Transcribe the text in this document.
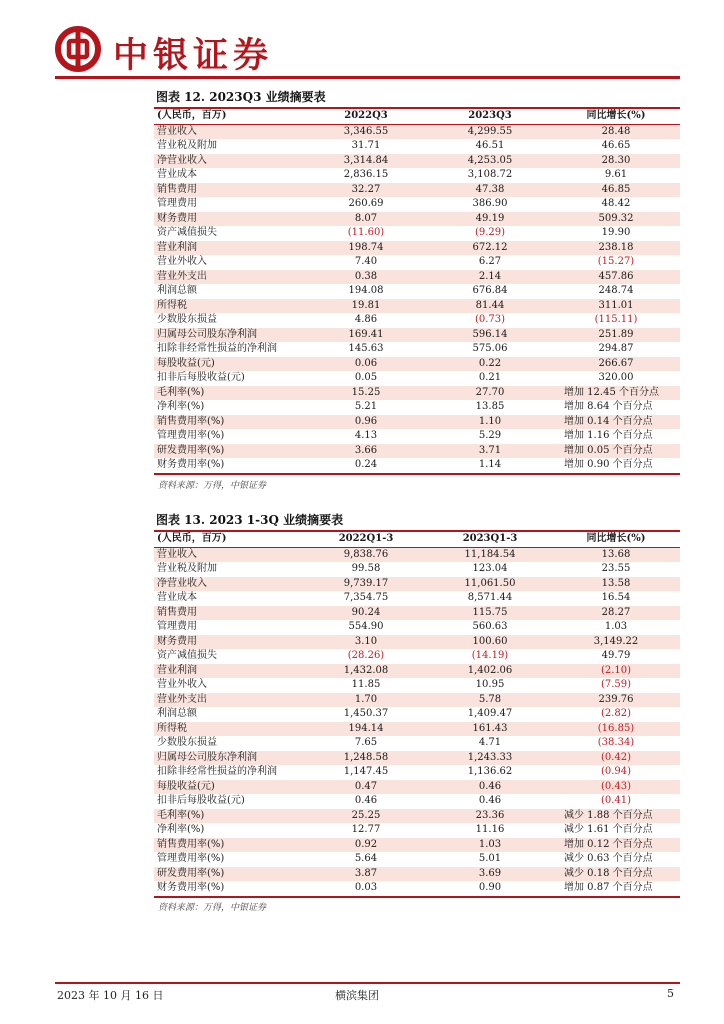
中银证券
图表 12. 2023Q3 业绩摘要表
(人民币，百万)	2022Q3	2023Q3	同比增长(%)
营业收入	3,346.55	4,299.55	28.48
营业税及附加	31.71	46.51	46.65
净营业收入	3,314.84	4,253.05	28.30
营业成本	2,836.15	3,108.72	9.61
销售费用	32.27	47.38	46.85
管理费用	260.69	386.90	48.42
财务费用	8.07	49.19	509.32
资产减值损失	(11.60)	(9.29)	19.90
营业利润	198.74	672.12	238.18
营业外收入	7.40	6.27	(15.27)
营业外支出	0.38	2.14	457.86
利润总额	194.08	676.84	248.74
所得税	19.81	81.44	311.01
少数股东损益	4.86	(0.73)	(115.11)
归属母公司股东净利润	169.41	596.14	251.89
扣除非经常性损益的净利润	145.63	575.06	294.87
每股收益(元)	0.06	0.22	266.67
扣非后每股收益(元)	0.05	0.21	320.00
毛利率(%)	15.25	27.70	增加 12.45 个百分点
净利率(%)	5.21	13.85	增加 8.64 个百分点
销售费用率(%)	0.96	1.10	增加 0.14 个百分点
管理费用率(%)	4.13	5.29	增加 1.16 个百分点
研发费用率(%)	3.66	3.71	增加 0.05 个百分点
财务费用率(%)	0.24	1.14	增加 0.90 个百分点
资料来源：万得，中银证券
图表 13. 2023 1-3Q 业绩摘要表
(人民币，百万)	2022Q1-3	2023Q1-3	同比增长(%)
营业收入	9,838.76	11,184.54	13.68
营业税及附加	99.58	123.04	23.55
净营业收入	9,739.17	11,061.50	13.58
营业成本	7,354.75	8,571.44	16.54
销售费用	90.24	115.75	28.27
管理费用	554.90	560.63	1.03
财务费用	3.10	100.60	3,149.22
资产减值损失	(28.26)	(14.19)	49.79
营业利润	1,432.08	1,402.06	(2.10)
营业外收入	11.85	10.95	(7.59)
营业外支出	1.70	5.78	239.76
利润总额	1,450.37	1,409.47	(2.82)
所得税	194.14	161.43	(16.85)
少数股东损益	7.65	4.71	(38.34)
归属母公司股东净利润	1,248.58	1,243.33	(0.42)
扣除非经常性损益的净利润	1,147.45	1,136.62	(0.94)
每股收益(元)	0.47	0.46	(0.43)
扣非后每股收益(元)	0.46	0.46	(0.41)
毛利率(%)	25.25	23.36	减少 1.88 个百分点
净利率(%)	12.77	11.16	减少 1.61 个百分点
销售费用率(%)	0.92	1.03	增加 0.12 个百分点
管理费用率(%)	5.64	5.01	减少 0.63 个百分点
研发费用率(%)	3.87	3.69	减少 0.18 个百分点
财务费用率(%)	0.03	0.90	增加 0.87 个百分点
资料来源：万得，中银证券
2023 年 10 月 16 日	横滨集团	5
